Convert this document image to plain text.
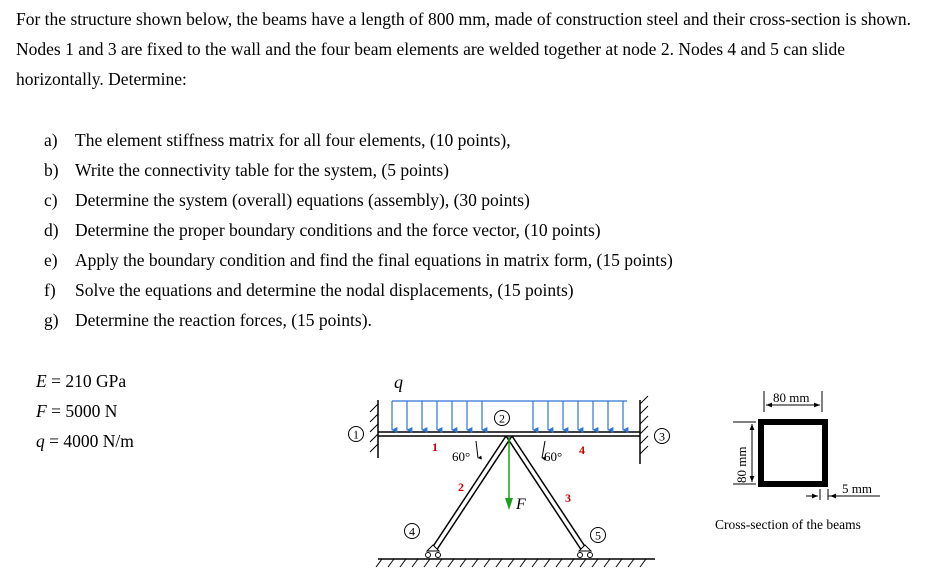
For the structure shown below, the beams have a length of 800 mm, made of construction steel and their cross-section is shown. Nodes 1 and 3 are fixed to the wall and the four beam elements are welded together at node 2. Nodes 4 and 5 can slide horizontally. Determine:

a) The element stiffness matrix for all four elements, (10 points),
b) Write the connectivity table for the system, (5 points)
c) Determine the system (overall) equations (assembly), (30 points)
d) Determine the proper boundary conditions and the force vector, (10 points)
e) Apply the boundary condition and find the final equations in matrix form, (15 points)
f) Solve the equations and determine the nodal displacements, (15 points)
g) Determine the reaction forces, (15 points).
E = 210 GPa
F = 5000 N
q = 4000 N/m
q
60°	60°
F
1
2
3
4	5
1
2
3
4
80 mm
80 mm
5 mm
Cross-section of the beams
